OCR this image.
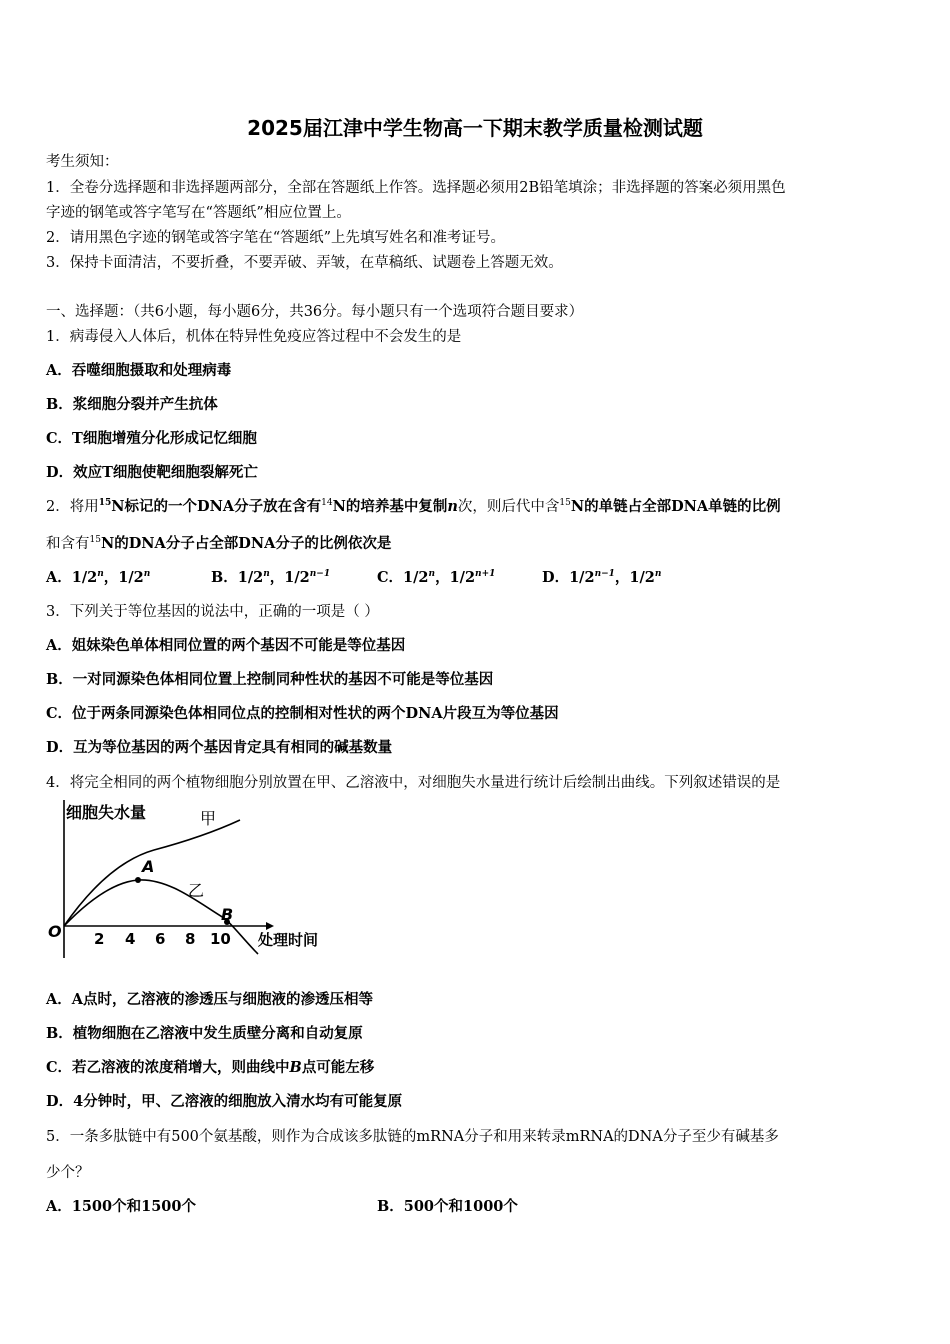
2025届江津中学生物高一下期末教学质量检测试题
考生须知：
1．全卷分选择题和非选择题两部分，全部在答题纸上作答。选择题必须用2B铅笔填涂；非选择题的答案必须用黑色
字迹的钢笔或答字笔写在“答题纸”相应位置上。
2．请用黑色字迹的钢笔或答字笔在“答题纸”上先填写姓名和准考证号。
3．保持卡面清洁，不要折叠，不要弄破、弄皱，在草稿纸、试题卷上答题无效。
一、选择题：（共6小题，每小题6分，共36分。每小题只有一个选项符合题目要求）
1．病毒侵入人体后，机体在特异性免疫应答过程中不会发生的是
A．吞噬细胞摄取和处理病毒
B．浆细胞分裂并产生抗体
C．T细胞增殖分化形成记忆细胞
D．效应T细胞使靶细胞裂解死亡
2．将用$^{15}$N标记的一个DNA分子放在含有$^{14}$N的培养基中复制n次，则后代中含$^{15}$N的单链占全部DNA单链的比例
和含有$^{15}$N的DNA分子占全部DNA分子的比例依次是
A．1/2$^n$，1/2$^n$	B．1/2$^n$，$1/2^{n-1}$	C．1/2$^n$，$1/2^{n+1}$	D．$1/2^{n-1}$，1/2$^n$
3．下列关于等位基因的说法中，正确的一项是（ ）
A．姐妹染色单体相同位置的两个基因不可能是等位基因
B．一对同源染色体相同位置上控制同种性状的基因不可能是等位基因
C．位于两条同源染色体相同位点的控制相对性状的两个DNA片段互为等位基因
D．互为等位基因的两个基因肯定具有相同的碱基数量
4．将完全相同的两个植物细胞分别放置在甲、乙溶液中，对细胞失水量进行统计后绘制出曲线。下列叙述错误的是
细胞失水量	甲
乙
A
B
O 2 4 6 8 10 处理时间
A．A点时，乙溶液的渗透压与细胞液的渗透压相等
B．植物细胞在乙溶液中发生质壁分离和自动复原
C．若乙溶液的浓度稍增大，则曲线中B点可能左移
D．4分钟时，甲、乙溶液的细胞放入清水均有可能复原
5．一条多肽链中有500个氨基酸，则作为合成该多肽链的mRNA分子和用来转录mRNA的DNA分子至少有碱基多
少个？
A．1500个和1500个	B．500个和1000个
